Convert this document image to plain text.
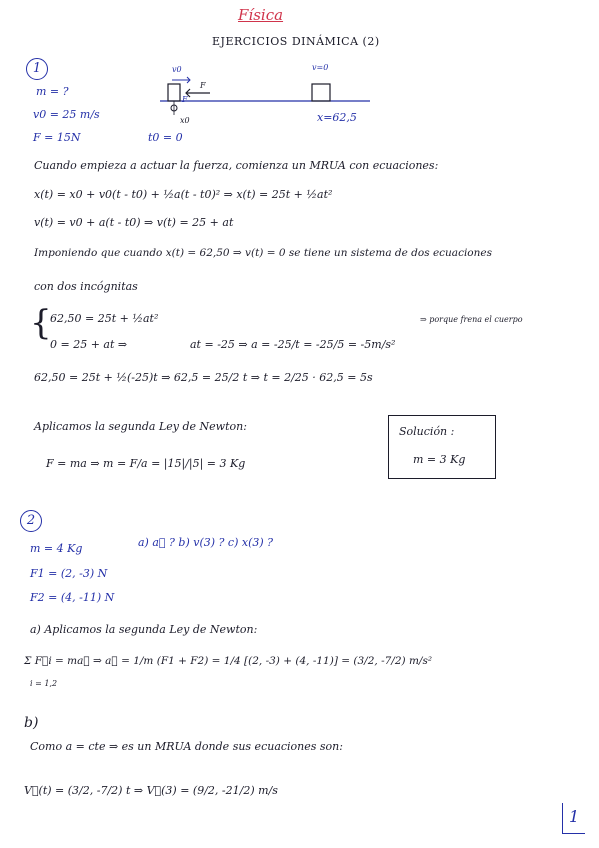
Física
EJERCICIOS DINÁMICA (2)
1	v0
F
F
x0
v=0
x=62,5
t0 = 0
m = ?
v0 = 25 m/s
F = 15N
Cuando empieza a actuar la fuerza, comienza un MRUA con ecuaciones:
x(t) = x0 + v0(t - t0) + ½a(t - t0)² ⇒ x(t) = 25t + ½at²
v(t) = v0 + a(t - t0) ⇒ v(t) = 25 + at
Imponiendo que cuando x(t) = 62,50 ⇒ v(t) = 0 se tiene un sistema de dos ecuaciones
con dos incógnitas
{
62,50 = 25t + ½at²
0 = 25 + at ⇒	at = -25 ⇒ a = -25/t = -25/5 = -5m/s²
⇒ porque frena el cuerpo
62,50 = 25t + ½(-25)t ⇒ 62,5 = 25/2 t ⇒ t = 2/25 · 62,5 = 5s
Aplicamos la segunda Ley de Newton:
F = ma ⇒ m = F/a = |15|/|5| = 3 Kg
Solución :
m = 3 Kg
2
m = 4 Kg	a) a⃗ ? b) v(3) ? c) x(3) ?
F1 = (2, -3) N
F2 = (4, -11) N
a) Aplicamos la segunda Ley de Newton:
Σ F⃗i = ma⃗ ⇒ a⃗ = 1/m (F1 + F2) = 1/4 [(2, -3) + (4, -11)] = (3/2, -7/2) m/s²
i = 1,2
b)
Como a = cte ⇒ es un MRUA donde sus ecuaciones son:
V⃗(t) = (3/2, -7/2) t ⇒ V⃗(3) = (9/2, -21/2) m/s
1
